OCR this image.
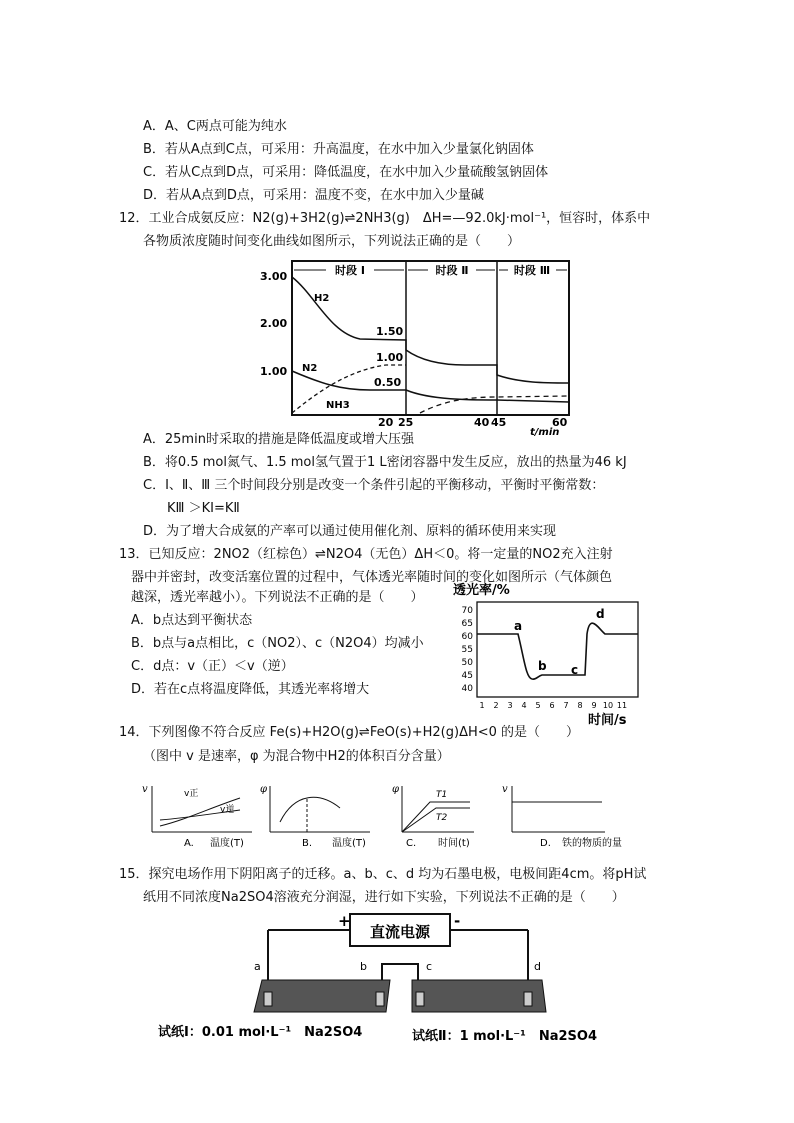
A．A、C两点可能为纯水
B．若从A点到C点，可采用：升高温度，在水中加入少量氯化钠固体
C．若从C点到D点，可采用：降低温度，在水中加入少量硫酸氢钠固体
D．若从A点到D点，可采用：温度不变，在水中加入少量碱
12．工业合成氨反应：N2(g)+3H2(g)⇌2NH3(g)　ΔH=—92.0kJ·mol⁻¹，恒容时，体系中
各物质浓度随时间变化曲线如图所示，下列说法正确的是（　　）
时段 Ⅰ	时段 Ⅱ	时段 Ⅲ
3.00
2.00
1.00
H2
N2
NH3
1.50
1.00
0.50
20 25	40 45	60
t/min
A．25min时采取的措施是降低温度或增大压强
B．将0.5 mol氮气、1.5 mol氢气置于1 L密闭容器中发生反应，放出的热量为46 kJ
C．Ⅰ、Ⅱ、Ⅲ 三个时间段分别是改变一个条件引起的平衡移动，平衡时平衡常数：
KⅢ ＞KⅠ=KⅡ
D．为了增大合成氨的产率可以通过使用催化剂、原料的循环使用来实现
13．已知反应：2NO2（红棕色）⇌N2O4（无色）ΔH＜0。将一定量的NO2充入注射
器中并密封，改变活塞位置的过程中，气体透光率随时间的变化如图所示（气体颜色
越深，透光率越小）。下列说法不正确的是（　　）
A．b点达到平衡状态
B．b点与a点相比，c（NO2）、c（N2O4）均减小
C．d点：v（正）＜v（逆）
D．若在c点将温度降低，其透光率将增大
透光率/%
70
65
60
55
50
45
40
a
b c
d
1 2 3 4 5 6 7 8 9 10 11
时间/s
14．下列图像不符合反应 Fe(s)+H2O(g)⇌FeO(s)+H2(g)ΔH<0 的是（　　）
（图中 v 是速率，φ 为混合物中H2的体积百分含量）
v	v正
v逆
A. 温度(T)
φ
B. 温度(T)
φ	T1
T2
C. 时间(t)
v
D. 铁的物质的量
15．探究电场作用下阴阳离子的迁移。a、b、c、d 均为石墨电极，电极间距4cm。将pH试
纸用不同浓度Na2SO4溶液充分润湿，进行如下实验，下列说法不正确的是（　　）
直流电源
+	-
a	b	c	d
试纸Ⅰ：0.01 mol·L⁻¹　Na2SO4	试纸Ⅱ：1 mol·L⁻¹　Na2SO4
